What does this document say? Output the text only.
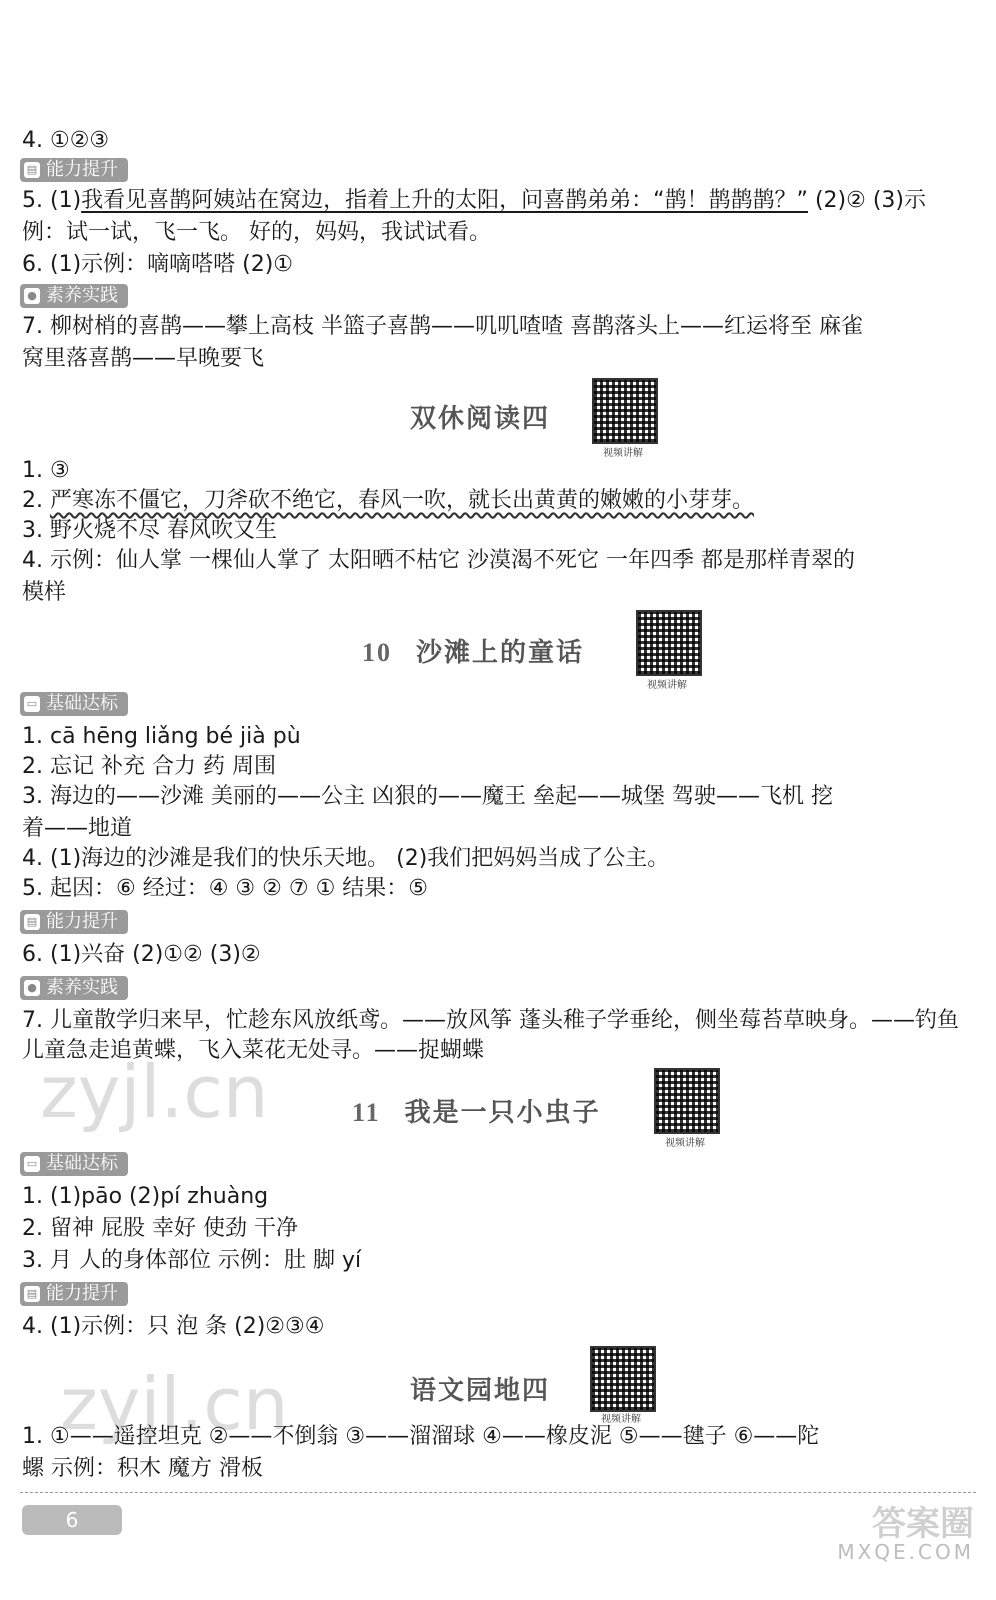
4. ①②③
▤ 能力提升
5. (1)我看见喜鹊阿姨站在窝边，指着上升的太阳，问喜鹊弟弟：“鹊！鹊鹊鹊？” (2)② (3)示
例：试一试，飞一飞。 好的，妈妈，我试试看。
6. (1)示例：嘀嘀嗒嗒 (2)①
● 素养实践
7. 柳树梢的喜鹊——攀上高枝 半篮子喜鹊——叽叽喳喳 喜鹊落头上——红运将至 麻雀
窝里落喜鹊——早晚要飞
双休阅读四
视频讲解
1. ③
2. 严寒冻不僵它，刀斧砍不绝它，春风一吹，就长出黄黄的嫩嫩的小芽芽。
3. 野火烧不尽 春风吹又生
4. 示例：仙人掌 一棵仙人掌了 太阳晒不枯它 沙漠渴不死它 一年四季 都是那样青翠的
模样
10 沙滩上的童话
视频讲解
▭ 基础达标
1. cā hēng liǎng bé jià pù
2. 忘记 补充 合力 药 周围
3. 海边的——沙滩 美丽的——公主 凶狠的——魔王 垒起——城堡 驾驶——飞机 挖
着——地道
4. (1)海边的沙滩是我们的快乐天地。 (2)我们把妈妈当成了公主。
5. 起因：⑥ 经过：④ ③ ② ⑦ ① 结果：⑤
▤ 能力提升
6. (1)兴奋 (2)①② (3)②
● 素养实践
7. 儿童散学归来早，忙趁东风放纸鸢。——放风筝 蓬头稚子学垂纶，侧坐莓苔草映身。——钓鱼
儿童急走追黄蝶，飞入菜花无处寻。——捉蝴蝶
zyjl.cn	11 我是一只小虫子
视频讲解
▭ 基础达标
1. (1)pāo (2)pí zhuàng
2. 留神 屁股 幸好 使劲 干净
3. 月 人的身体部位 示例：肚 脚 yí
▤ 能力提升
4. (1)示例：只 泡 条 (2)②③④
语文园地四
视频讲解
zyjl.cn
1. ①——遥控坦克 ②——不倒翁 ③——溜溜球 ④——橡皮泥 ⑤——毽子 ⑥——陀
螺 示例：积木 魔方 滑板
6	答案圈
MXQE.COM
